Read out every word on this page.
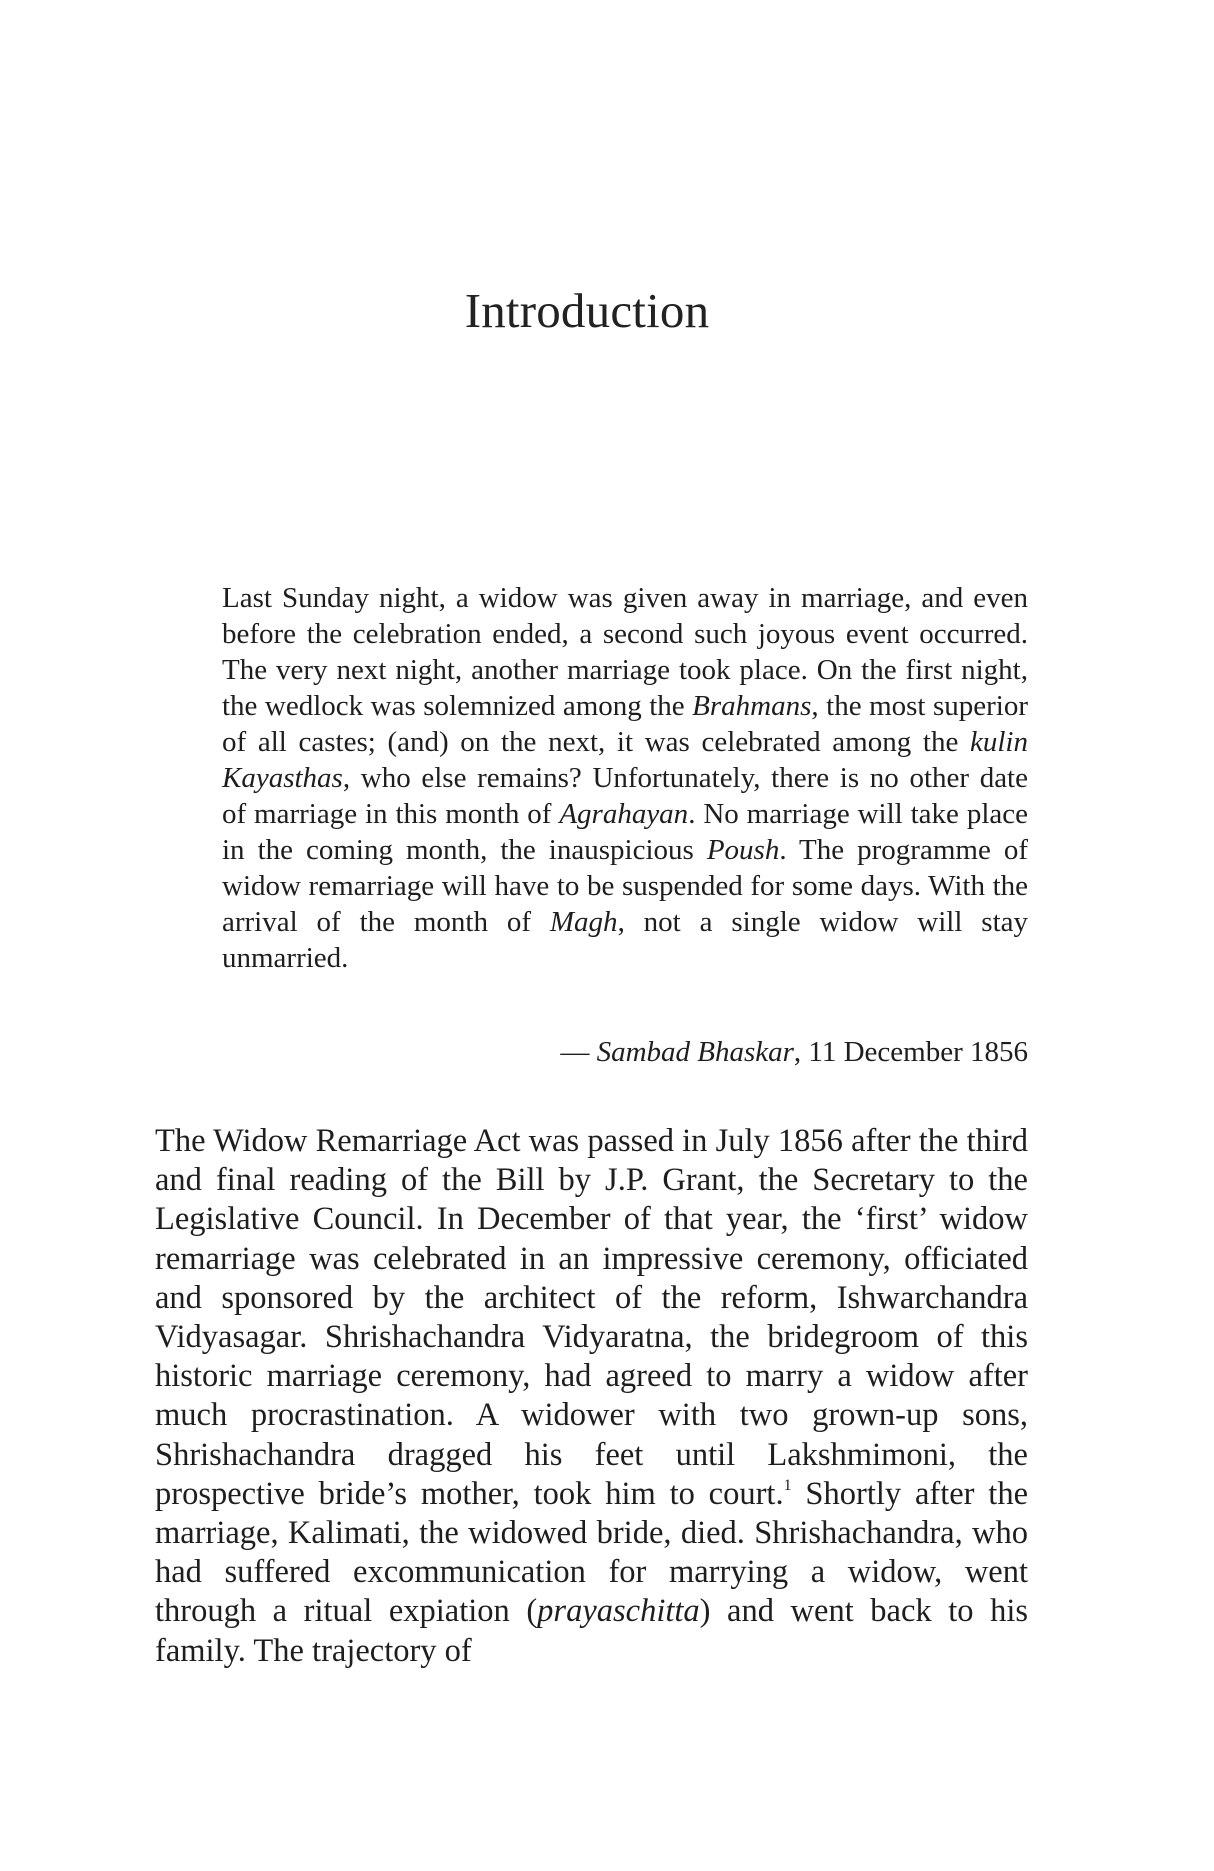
Introduction

Last Sunday night, a widow was given away in marriage, and even before the celebration ended, a second such joyous event occurred. The very next night, another marriage took place. On the first night, the wedlock was solemnized among the Brahmans, the most superior of all castes; (and) on the next, it was celebrated among the kulin Kayasthas, who else remains? Unfortunately, there is no other date of marriage in this month of Agrahayan. No marriage will take place in the coming month, the inauspicious Poush. The programme of widow remarriage will have to be suspended for some days. With the arrival of the month of Magh, not a single widow will stay unmarried.

— Sambad Bhaskar, 11 December 1856

The Widow Remarriage Act was passed in July 1856 after the third and final reading of the Bill by J.P. Grant, the Secretary to the Legislative Council. In December of that year, the ‘first’ widow remarriage was celebrated in an impressive ceremony, officiated and sponsored by the architect of the reform, Ishwarchandra Vidyasagar. Shrishachandra Vidyaratna, the bridegroom of this historic marriage ceremony, had agreed to marry a widow after much procrastination. A widower with two grown-up sons, Shrishachandra dragged his feet until Lakshmimoni, the prospective bride’s mother, took him to court.$^1$ Shortly after the marriage, Kalimati, the widowed bride, died. Shrishachandra, who had suffered excommunication for marrying a widow, went through a ritual expiation (prayaschitta) and went back to his family. The trajectory of
